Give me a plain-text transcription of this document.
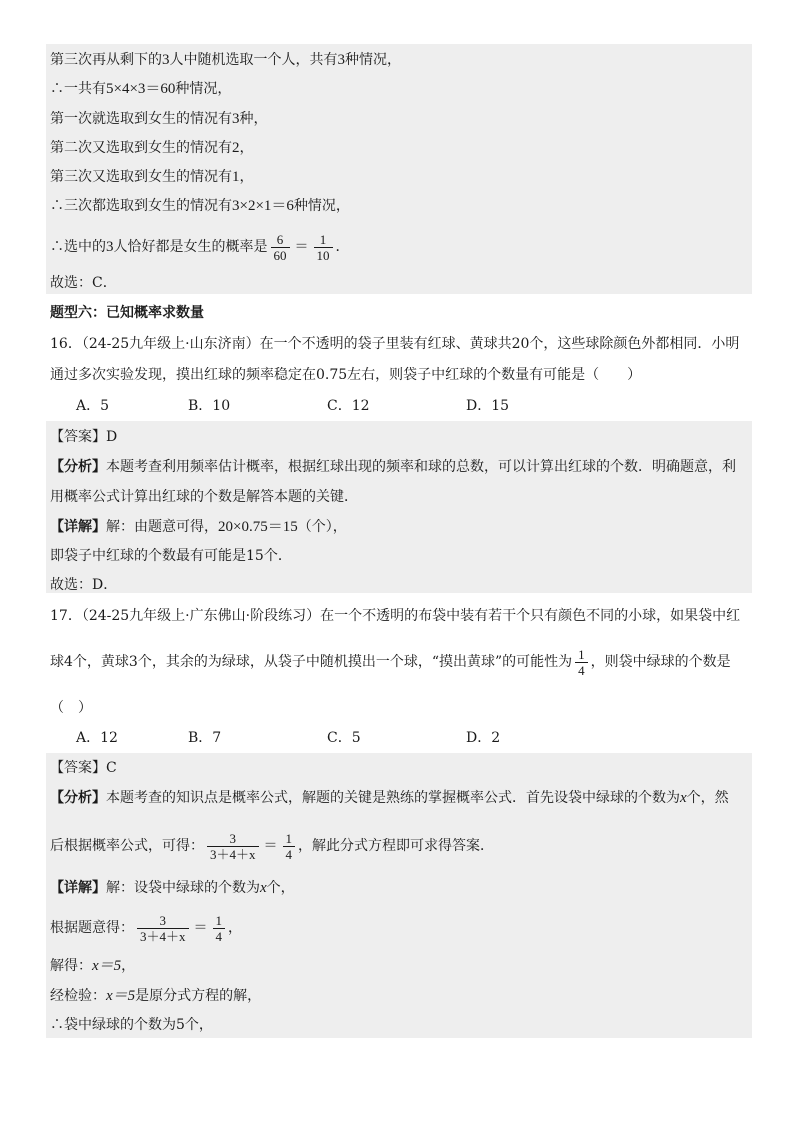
第三次再从剩下的3人中随机选取一个人，共有3种情况，
∴一共有5×4×3＝60种情况，
第一次就选取到女生的情况有3种，
第二次又选取到女生的情况有2，
第三次又选取到女生的情况有1，
∴三次都选取到女生的情况有3×2×1＝6种情况，
∴选中的3人恰好都是女生的概率是 $\frac{6}{60} = \frac{1}{10}$ ．
故选：C．
题型六：已知概率求数量
16．（24-25九年级上·山东济南）在一个不透明的袋子里装有红球、黄球共20个，这些球除颜色外都相同．小明
通过多次实验发现，摸出红球的频率稳定在0.75左右，则袋子中红球的个数量有可能是（　　）
A．5	B．10	C．12	D．15
【答案】D
【分析】本题考查利用频率估计概率，根据红球出现的频率和球的总数，可以计算出红球的个数．明确题意，利
用概率公式计算出红球的个数是解答本题的关键．
【详解】解：由题意可得，20×0.75＝15（个），
即袋子中红球的个数最有可能是15个．
故选：D．
17．（24-25九年级上·广东佛山·阶段练习）在一个不透明的布袋中装有若干个只有颜色不同的小球，如果袋中红
球4个，黄球3个，其余的为绿球，从袋子中随机摸出一个球，“摸出黄球”的可能性为 $\frac{1}{4}$ ，则袋中绿球的个数是
（　）
A．12	B．7	C．5	D．2
【答案】C
【分析】本题考查的知识点是概率公式，解题的关键是熟练的掌握概率公式．首先设袋中绿球的个数为x个，然
后根据概率公式，可得： $\frac{3}{3+4+x} = \frac{1}{4}$ ，解此分式方程即可求得答案．
【详解】解：设袋中绿球的个数为x个，
根据题意得： $\frac{3}{3+4+x} = \frac{1}{4}$ ，
解得：x＝5，
经检验：x＝5是原分式方程的解，
∴袋中绿球的个数为5个，
